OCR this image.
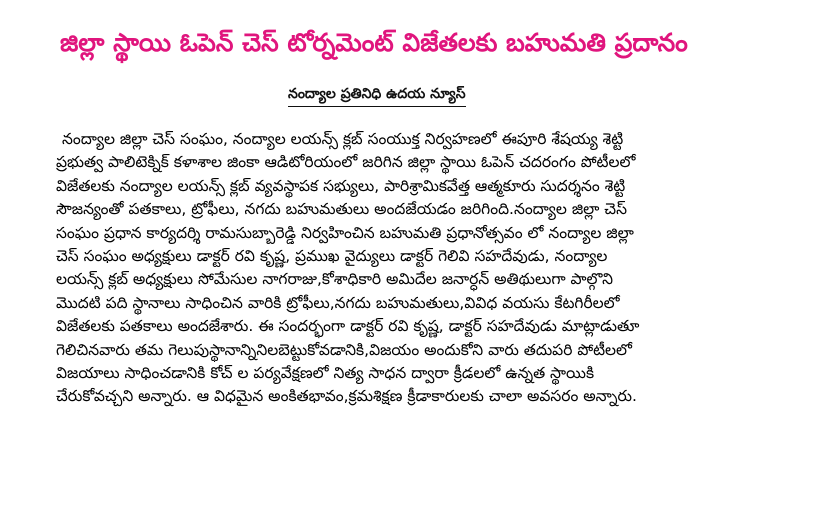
జిల్లా స్థాయి ఓపెన్ చెస్ టోర్నమెంట్ విజేతలకు బహుమతి ప్రదానం
నంద్యాల ప్రతినిధి ఉదయ న్యూస్
నంద్యాల జిల్లా చెస్ సంఘం, నంద్యాల లయన్స్ క్లబ్ సంయుక్త నిర్వహణలో ఈపూరి శేషయ్య శెట్టి
ప్రభుత్వ పాలిటెక్నిక్ కళాశాల జింకా ఆడిటోరియంలో జరిగిన జిల్లా స్థాయి ఓపెన్ చదరంగం పోటీలలో
విజేతలకు నంద్యాల లయన్స్ క్లబ్ వ్యవస్థాపక సభ్యులు, పారిశ్రామికవేత్త ఆత్మకూరు సుదర్శనం శెట్టి
సౌజన్యంతో పతకాలు, ట్రోఫీలు, నగదు బహుమతులు అందజేయడం జరిగింది.నంద్యాల జిల్లా చెస్
సంఘం ప్రధాన కార్యదర్శి రామసుబ్బారెడ్డి నిర్వహించిన బహుమతి ప్రధానోత్సవం లో నంద్యాల జిల్లా
చెస్ సంఘం అధ్యక్షులు డాక్టర్ రవి కృష్ణ, ప్రముఖ వైద్యులు డాక్టర్ గెలివి సహదేవుడు, నంద్యాల
లయన్స్ క్లబ్ అధ్యక్షులు సోమేసుల నాగరాజు,కోశాధికారి అమిదేల జనార్ధన్ అతిథులుగా పాల్గొని
మొదటి పది స్థానాలు సాధించిన వారికి ట్రోఫీలు,నగదు బహుమతులు,వివిధ వయసు కేటగిరీలలో
విజేతలకు పతకాలు అందజేశారు. ఈ సందర్భంగా డాక్టర్ రవి కృష్ణ, డాక్టర్ సహదేవుడు మాట్లాడుతూ
గెలిచినవారు తమ గెలుపుస్థానాన్నినిలబెట్టుకోవడానికి,విజయం అందుకోని వారు తదుపరి పోటీలలో
విజయాలు సాధించడానికి కోచ్ ల పర్యవేక్షణలో నిత్య సాధన ద్వారా క్రీడలలో ఉన్నత స్థాయికి
చేరుకోవచ్చని అన్నారు. ఆ విధమైన అంకితభావం,క్రమశిక్షణ క్రీడాకారులకు చాలా అవసరం అన్నారు.
